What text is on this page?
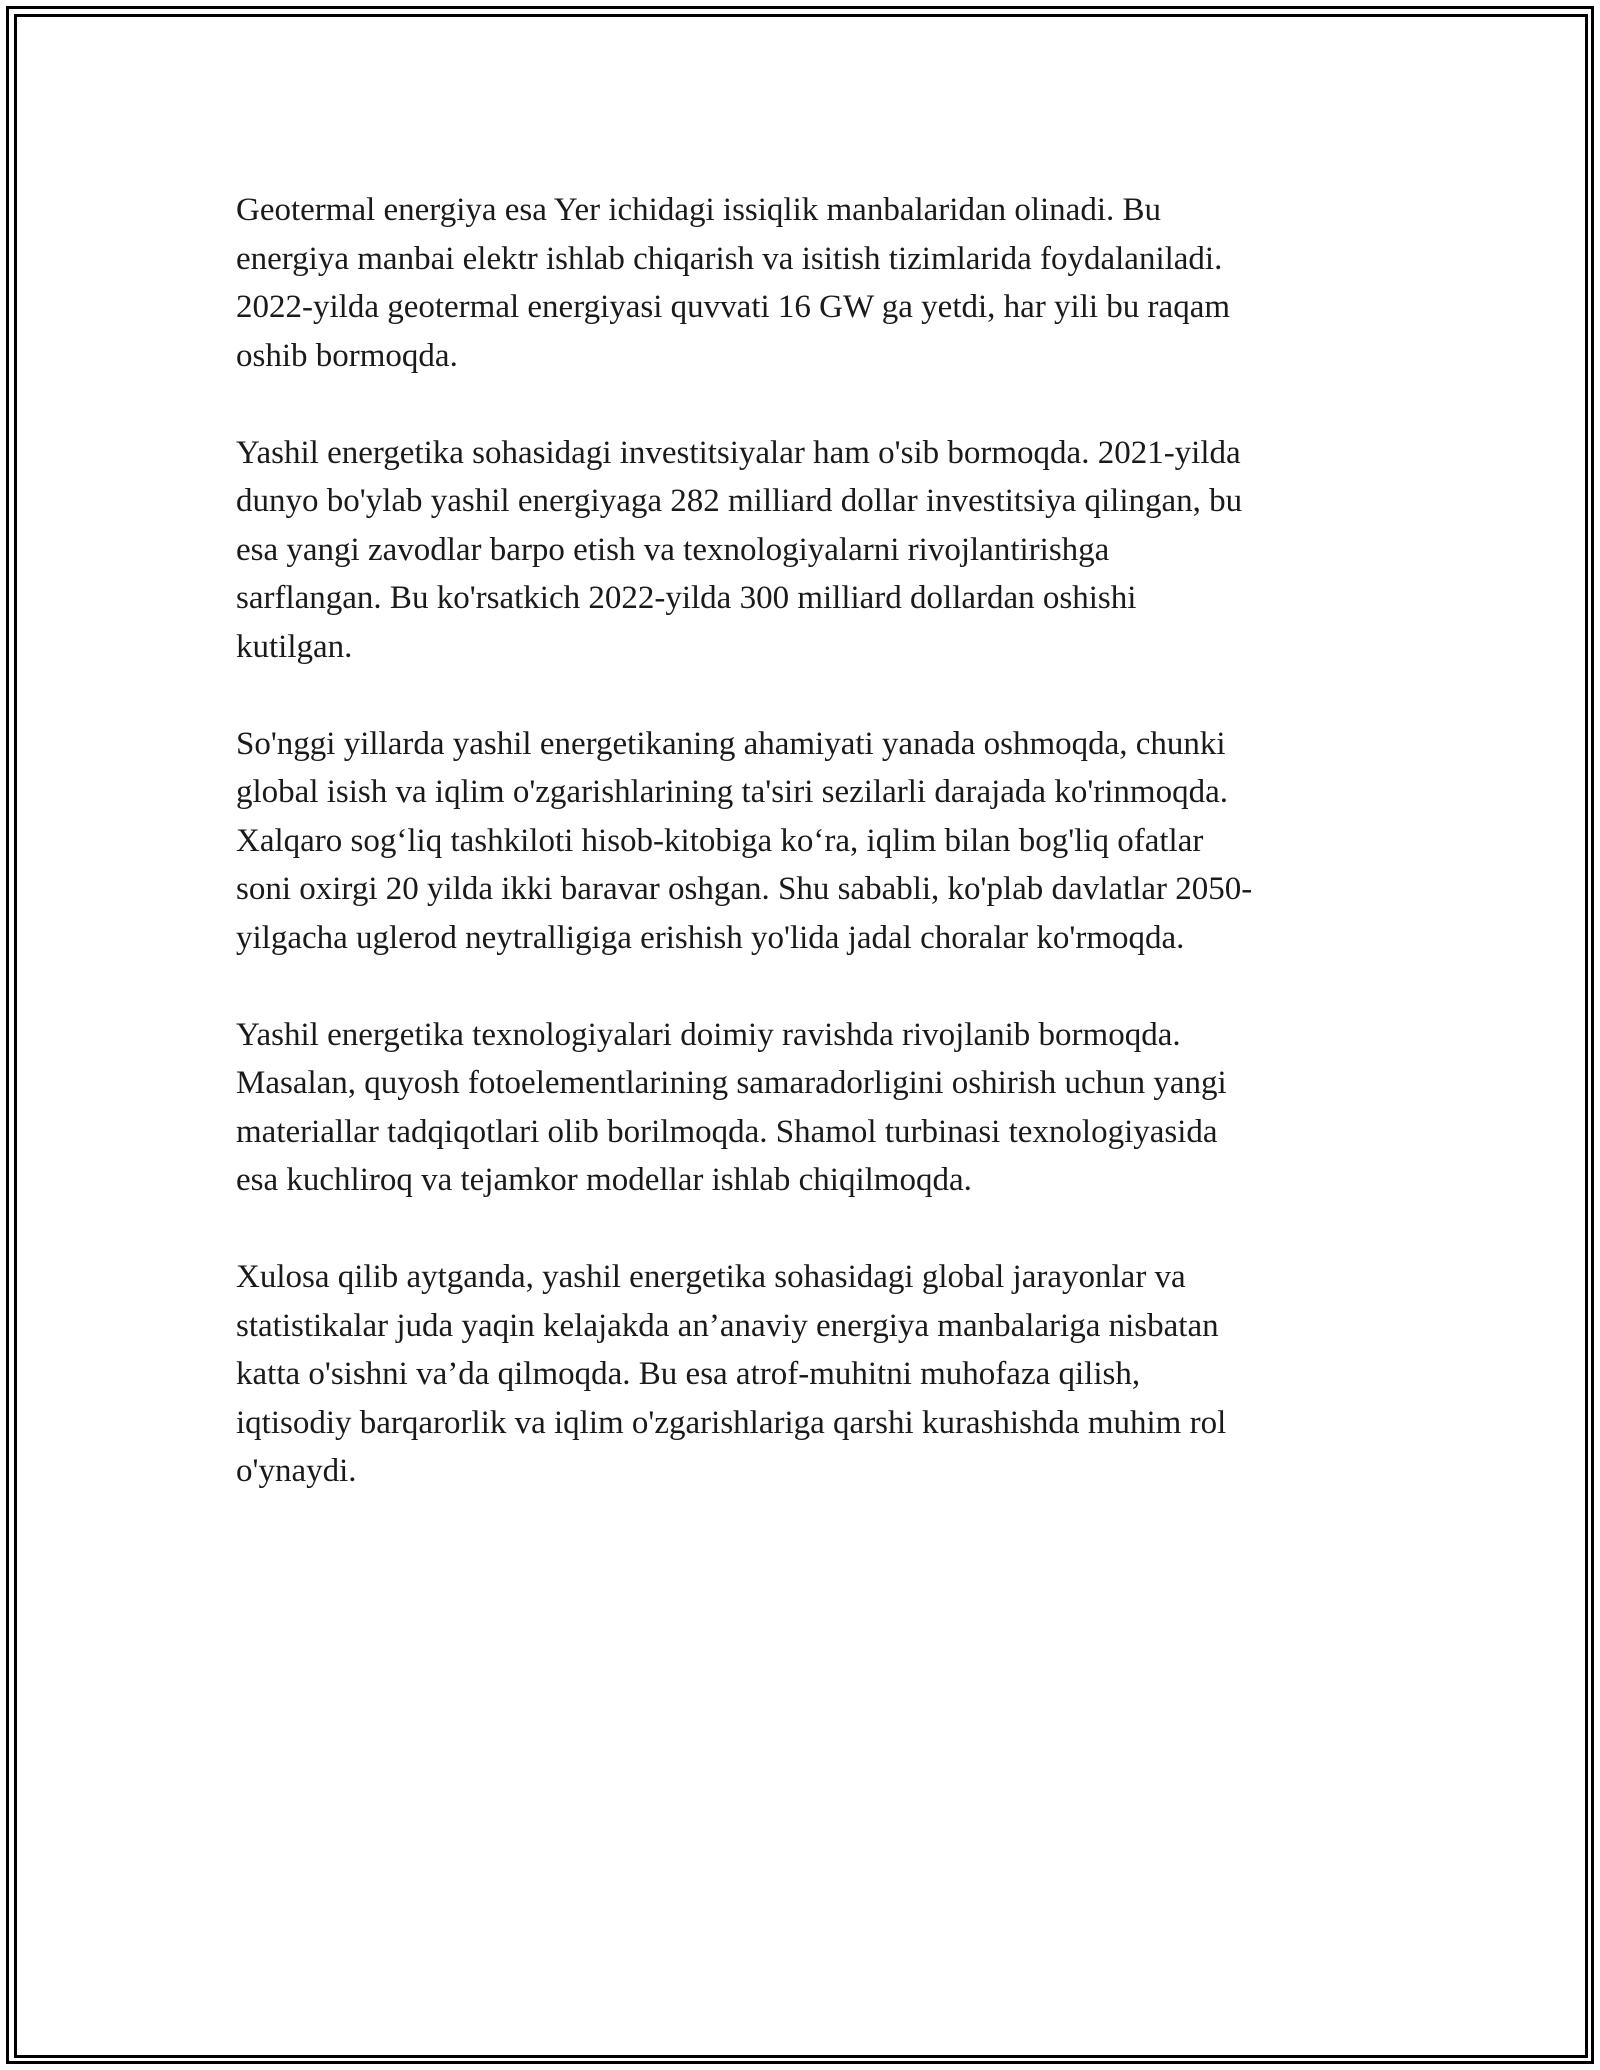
Geotermal energiya esa Yer ichidagi issiqlik manbalaridan olinadi. Bu
energiya manbai elektr ishlab chiqarish va isitish tizimlarida foydalaniladi.
2022-yilda geotermal energiyasi quvvati 16 GW ga yetdi, har yili bu raqam
oshib bormoqda.

Yashil energetika sohasidagi investitsiyalar ham o'sib bormoqda. 2021-yilda
dunyo bo'ylab yashil energiyaga 282 milliard dollar investitsiya qilingan, bu
esa yangi zavodlar barpo etish va texnologiyalarni rivojlantirishga
sarflangan. Bu ko'rsatkich 2022-yilda 300 milliard dollardan oshishi
kutilgan.

So'nggi yillarda yashil energetikaning ahamiyati yanada oshmoqda, chunki
global isish va iqlim o'zgarishlarining ta'siri sezilarli darajada ko'rinmoqda.
Xalqaro sog‘liq tashkiloti hisob-kitobiga ko‘ra, iqlim bilan bog'liq ofatlar
soni oxirgi 20 yilda ikki baravar oshgan. Shu sababli, ko'plab davlatlar 2050-
yilgacha uglerod neytralligiga erishish yo'lida jadal choralar ko'rmoqda.

Yashil energetika texnologiyalari doimiy ravishda rivojlanib bormoqda.
Masalan, quyosh fotoelementlarining samaradorligini oshirish uchun yangi
materiallar tadqiqotlari olib borilmoqda. Shamol turbinasi texnologiyasida
esa kuchliroq va tejamkor modellar ishlab chiqilmoqda.

Xulosa qilib aytganda, yashil energetika sohasidagi global jarayonlar va
statistikalar juda yaqin kelajakda an’anaviy energiya manbalariga nisbatan
katta o'sishni va’da qilmoqda. Bu esa atrof-muhitni muhofaza qilish,
iqtisodiy barqarorlik va iqlim o'zgarishlariga qarshi kurashishda muhim rol
o'ynaydi.
